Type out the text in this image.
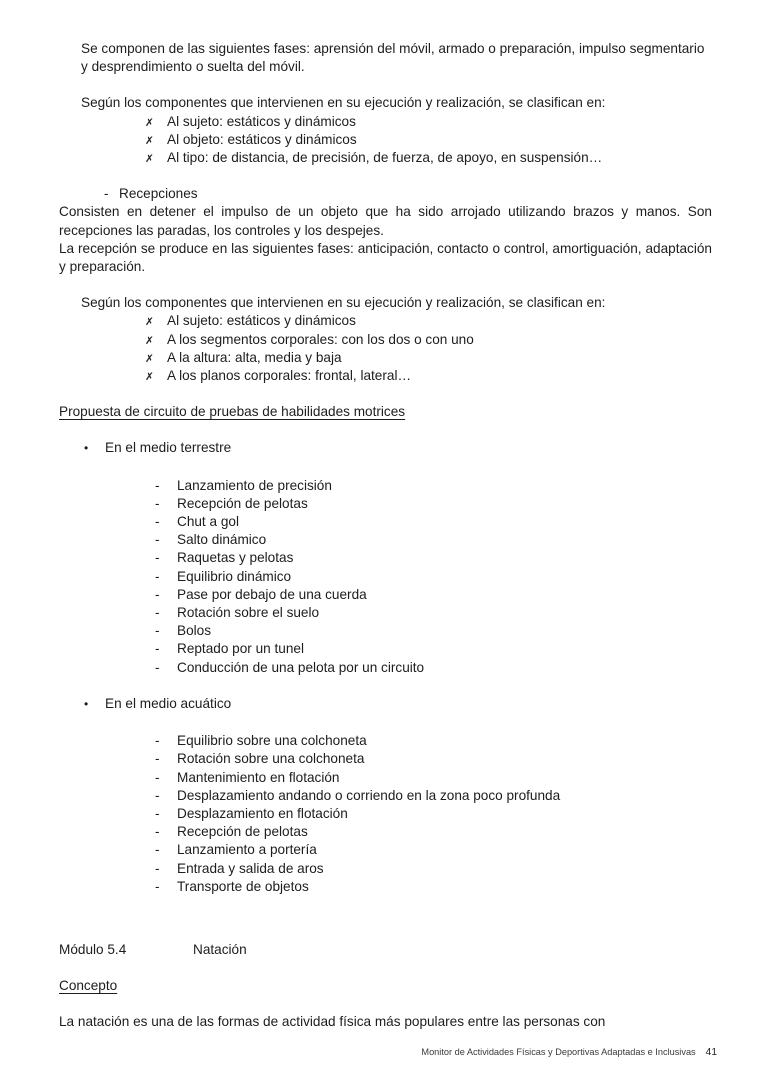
Se componen de las siguientes fases: aprensión del móvil, armado o preparación, impulso segmentario y desprendimiento o suelta del móvil.

Según los componentes que intervienen en su ejecución y realización, se clasifican en:

✗ Al sujeto: estáticos y dinámicos
✗ Al objeto: estáticos y dinámicos
✗ Al tipo: de distancia, de precisión, de fuerza, de apoyo, en suspensión…
- Recepciones

Consisten en detener el impulso de un objeto que ha sido arrojado utilizando brazos y manos. Son recepciones las paradas, los controles y los despejes.

La recepción se produce en las siguientes fases: anticipación, contacto o control, amortiguación, adaptación y preparación.

Según los componentes que intervienen en su ejecución y realización, se clasifican en:

✗ Al sujeto: estáticos y dinámicos
✗ A los segmentos corporales: con los dos o con uno
✗ A la altura: alta, media y baja
✗ A los planos corporales: frontal, lateral…

Propuesta de circuito de pruebas de habilidades motrices

• En el medio terrestre
- Lanzamiento de precisión
- Recepción de pelotas
- Chut a gol
- Salto dinámico
- Raquetas y pelotas
- Equilibrio dinámico
- Pase por debajo de una cuerda
- Rotación sobre el suelo
- Bolos
- Reptado por un tunel
- Conducción de una pelota por un circuito
• En el medio acuático
- Equilibrio sobre una colchoneta
- Rotación sobre una colchoneta
- Mantenimiento en flotación
- Desplazamiento andando o corriendo en la zona poco profunda
- Desplazamiento en flotación
- Recepción de pelotas
- Lanzamiento a portería
- Entrada y salida de aros
- Transporte de objetos

Módulo 5.4	Natación

Concepto

La natación es una de las formas de actividad física más populares entre las personas con

Monitor de Actividades Físicas y Deportivas Adaptadas e Inclusivas 41
